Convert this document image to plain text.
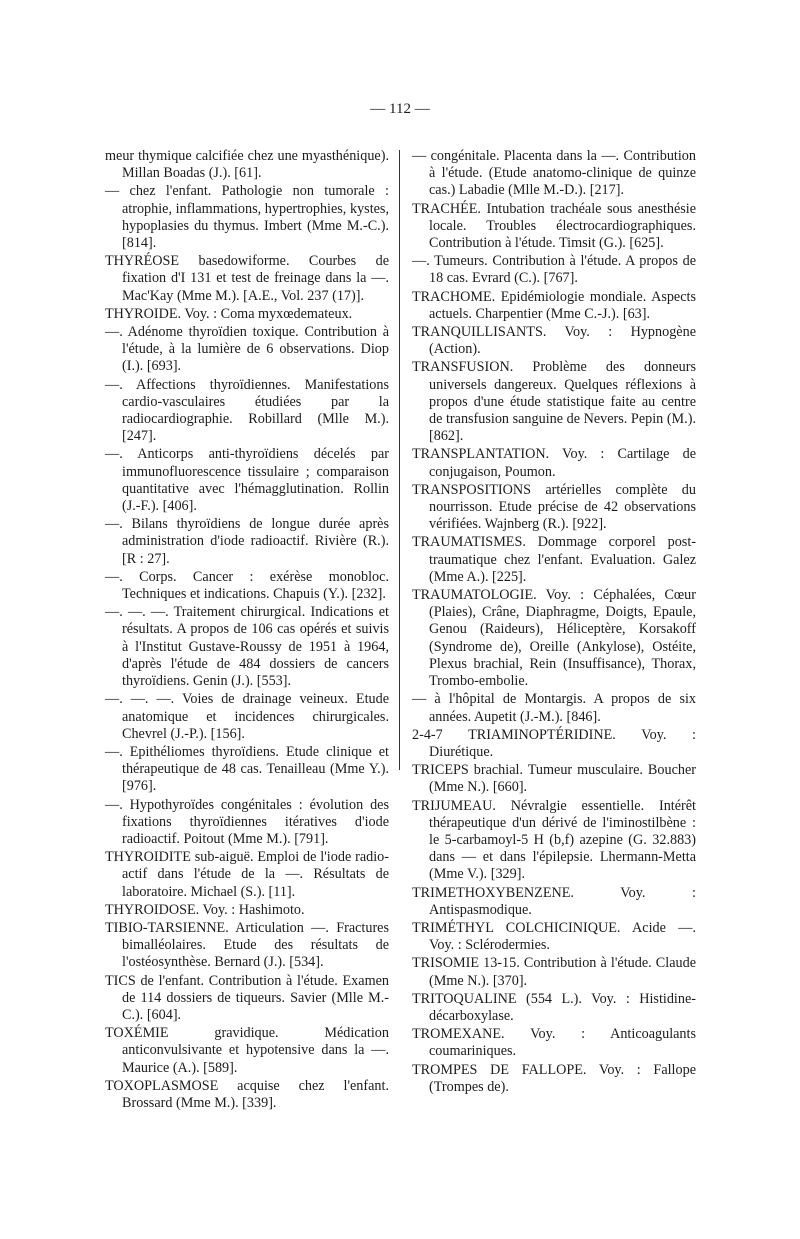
— 112 —

meur thymique calcifiée chez une myasthénique). Millan Boadas (J.). [61].

— chez l'enfant. Pathologie non tumorale : atrophie, inflammations, hypertrophies, kystes, hypoplasies du thymus. Imbert (Mme M.-C.). [814].

THYRÉOSE basedowiforme. Courbes de fixation d'I 131 et test de freinage dans la —. Mac'Kay (Mme M.). [A.E., Vol. 237 (17)].

THYROIDE. Voy. : Coma myxœdemateux.

—. Adénome thyroïdien toxique. Contribution à l'étude, à la lumière de 6 observations. Diop (I.). [693].

—. Affections thyroïdiennes. Manifestations cardio-vasculaires étudiées par la radiocardiographie. Robillard (Mlle M.). [247].

—. Anticorps anti-thyroïdiens décelés par immunofluorescence tissulaire ; comparaison quantitative avec l'hémagglutination. Rollin (J.-F.). [406].

—. Bilans thyroïdiens de longue durée après administration d'iode radioactif. Rivière (R.). [R : 27].

—. Corps. Cancer : exérèse monobloc. Techniques et indications. Chapuis (Y.). [232].

—. —. —. Traitement chirurgical. Indications et résultats. A propos de 106 cas opérés et suivis à l'Institut Gustave-Roussy de 1951 à 1964, d'après l'étude de 484 dossiers de cancers thyroïdiens. Genin (J.). [553].

—. —. —. Voies de drainage veineux. Etude anatomique et incidences chirurgicales. Chevrel (J.-P.). [156].

—. Epithéliomes thyroïdiens. Etude clinique et thérapeutique de 48 cas. Tenailleau (Mme Y.). [976].

—. Hypothyroïdes congénitales : évolution des fixations thyroïdiennes itératives d'iode radioactif. Poitout (Mme M.). [791].

THYROIDITE sub-aiguë. Emploi de l'iode radio-actif dans l'étude de la —. Résultats de laboratoire. Michael (S.). [11].

THYROIDOSE. Voy. : Hashimoto.

TIBIO-TARSIENNE. Articulation —. Fractures bimalléolaires. Etude des résultats de l'ostéosynthèse. Bernard (J.). [534].

TICS de l'enfant. Contribution à l'étude. Examen de 114 dossiers de tiqueurs. Savier (Mlle M.-C.). [604].

TOXÉMIE gravidique. Médication anticonvulsivante et hypotensive dans la —. Maurice (A.). [589].

TOXOPLASMOSE acquise chez l'enfant. Brossard (Mme M.). [339].

— congénitale. Placenta dans la —. Contribution à l'étude. (Etude anatomo-clinique de quinze cas.) Labadie (Mlle M.-D.). [217].

TRACHÉE. Intubation trachéale sous anesthésie locale. Troubles électrocardiographiques. Contribution à l'étude. Timsit (G.). [625].

—. Tumeurs. Contribution à l'étude. A propos de 18 cas. Evrard (C.). [767].

TRACHOME. Epidémiologie mondiale. Aspects actuels. Charpentier (Mme C.-J.). [63].

TRANQUILLISANTS. Voy. : Hypnogène (Action).

TRANSFUSION. Problème des donneurs universels dangereux. Quelques réflexions à propos d'une étude statistique faite au centre de transfusion sanguine de Nevers. Pepin (M.). [862].

TRANSPLANTATION. Voy. : Cartilage de conjugaison, Poumon.

TRANSPOSITIONS artérielles complète du nourrisson. Etude précise de 42 observations vérifiées. Wajnberg (R.). [922].

TRAUMATISMES. Dommage corporel post-traumatique chez l'enfant. Evaluation. Galez (Mme A.). [225].

TRAUMATOLOGIE. Voy. : Céphalées, Cœur (Plaies), Crâne, Diaphragme, Doigts, Epaule, Genou (Raideurs), Héliceptère, Korsakoff (Syndrome de), Oreille (Ankylose), Ostéite, Plexus brachial, Rein (Insuffisance), Thorax, Trombo-embolie.

— à l'hôpital de Montargis. A propos de six années. Aupetit (J.-M.). [846].

2-4-7 TRIAMINOPTÉRIDINE. Voy. : Diurétique.

TRICEPS brachial. Tumeur musculaire. Boucher (Mme N.). [660].

TRIJUMEAU. Névralgie essentielle. Intérêt thérapeutique d'un dérivé de l'iminostilbène : le 5-carbamoyl-5 H (b,f) azepine (G. 32.883) dans — et dans l'épilepsie. Lhermann-Metta (Mme V.). [329].

TRIMETHOXYBENZENE. Voy. : Antispasmodique.

TRIMÉTHYL COLCHICINIQUE. Acide —. Voy. : Sclérodermies.

TRISOMIE 13-15. Contribution à l'étude. Claude (Mme N.). [370].

TRITOQUALINE (554 L.). Voy. : Histidine-décarboxylase.

TROMEXANE. Voy. : Anticoagulants coumariniques.

TROMPES DE FALLOPE. Voy. : Fallope (Trompes de).
